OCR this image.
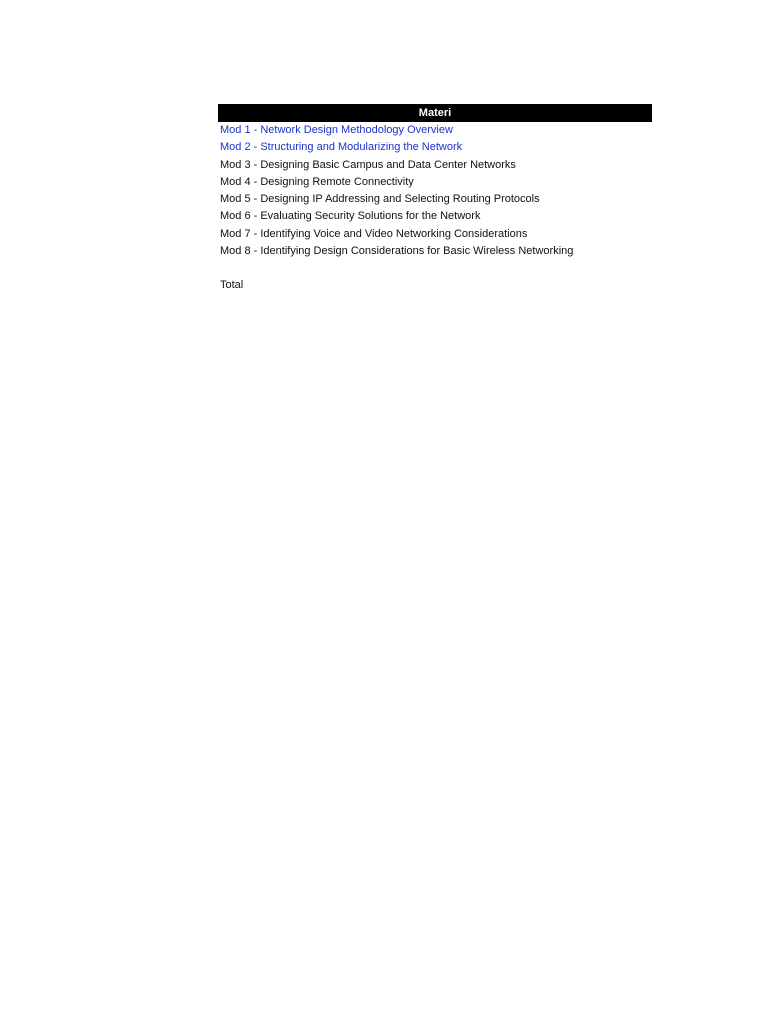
Materi
Mod 1 - Network Design Methodology Overview
Mod 2 - Structuring and Modularizing the Network
Mod 3 - Designing Basic Campus and Data Center Networks
Mod 4 - Designing Remote Connectivity
Mod 5 - Designing IP Addressing and Selecting Routing Protocols
Mod 6 - Evaluating Security Solutions for the Network
Mod 7 - Identifying Voice and Video Networking Considerations
Mod 8 - Identifying Design Considerations for Basic Wireless Networking
Total
